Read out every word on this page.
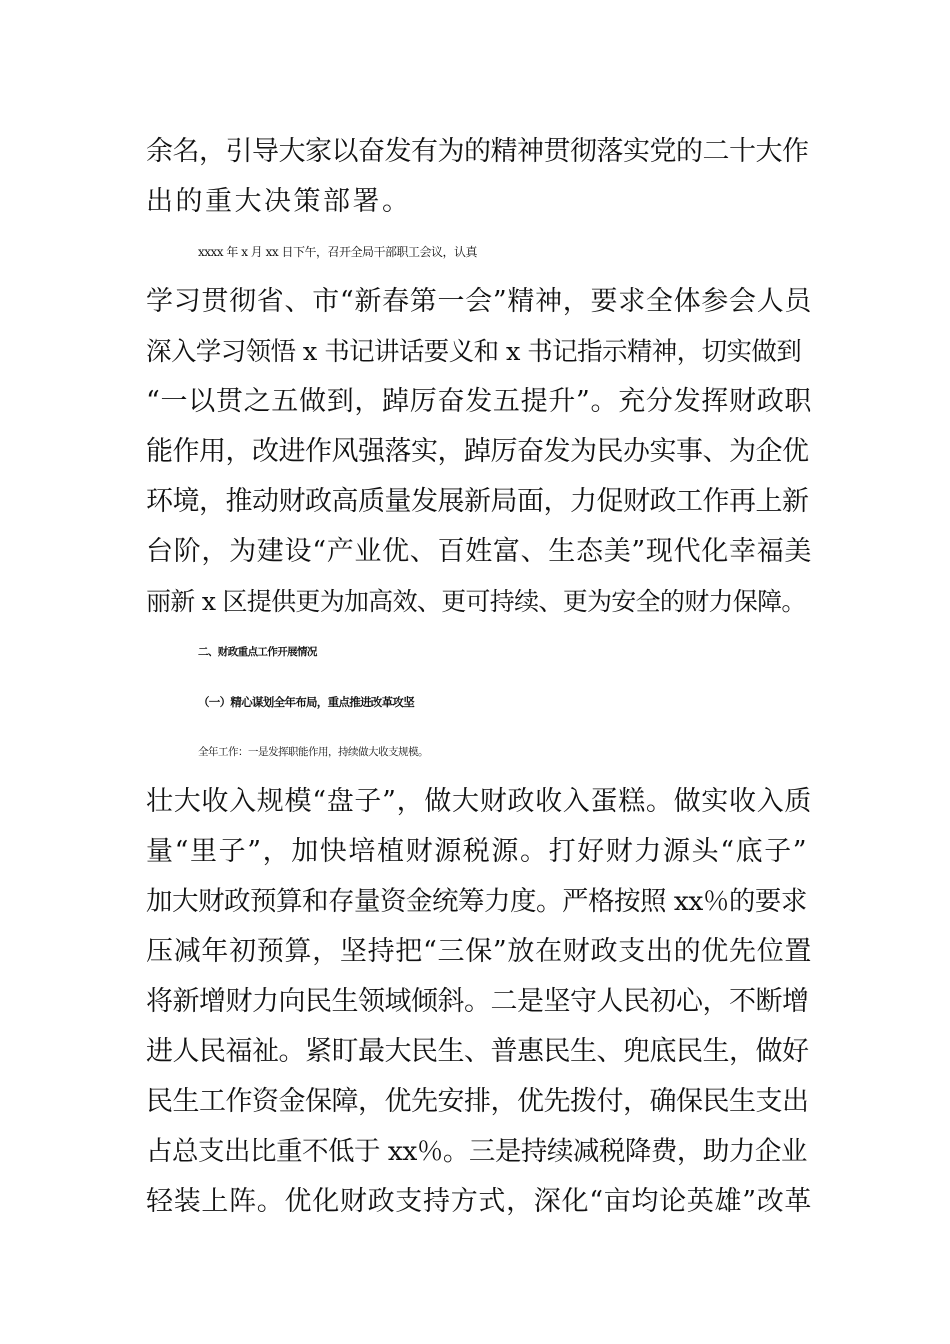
余名，引导大家以奋发有为的精神贯彻落实党的二十大作
出的重大决策部署。
xxxx 年 x 月 xx 日下午，召开全局干部职工会议，认真
学习贯彻省、市“新春第一会”精神，要求全体参会人员
深入学习领悟 x 书记讲话要义和 x 书记指示精神，切实做到
“一以贯之五做到，踔厉奋发五提升”。充分发挥财政职
能作用，改进作风强落实，踔厉奋发为民办实事、为企优
环境，推动财政高质量发展新局面，力促财政工作再上新
台阶，为建设“产业优、百姓富、生态美”现代化幸福美
丽新 x 区提供更为加高效、更可持续、更为安全的财力保障。
二、财政重点工作开展情况
（一）精心谋划全年布局，重点推进改革攻坚
全年工作：一是发挥职能作用，持续做大收支规模。
壮大收入规模“盘子”，做大财政收入蛋糕。做实收入质
量“里子”，加快培植财源税源。打好财力源头“底子”
加大财政预算和存量资金统筹力度。严格按照 xx％的要求
压减年初预算，坚持把“三保”放在财政支出的优先位置
将新增财力向民生领域倾斜。二是坚守人民初心，不断增
进人民福祉。紧盯最大民生、普惠民生、兜底民生，做好
民生工作资金保障，优先安排，优先拨付，确保民生支出
占总支出比重不低于 xx％。三是持续减税降费，助力企业
轻装上阵。优化财政支持方式，深化“亩均论英雄”改革
